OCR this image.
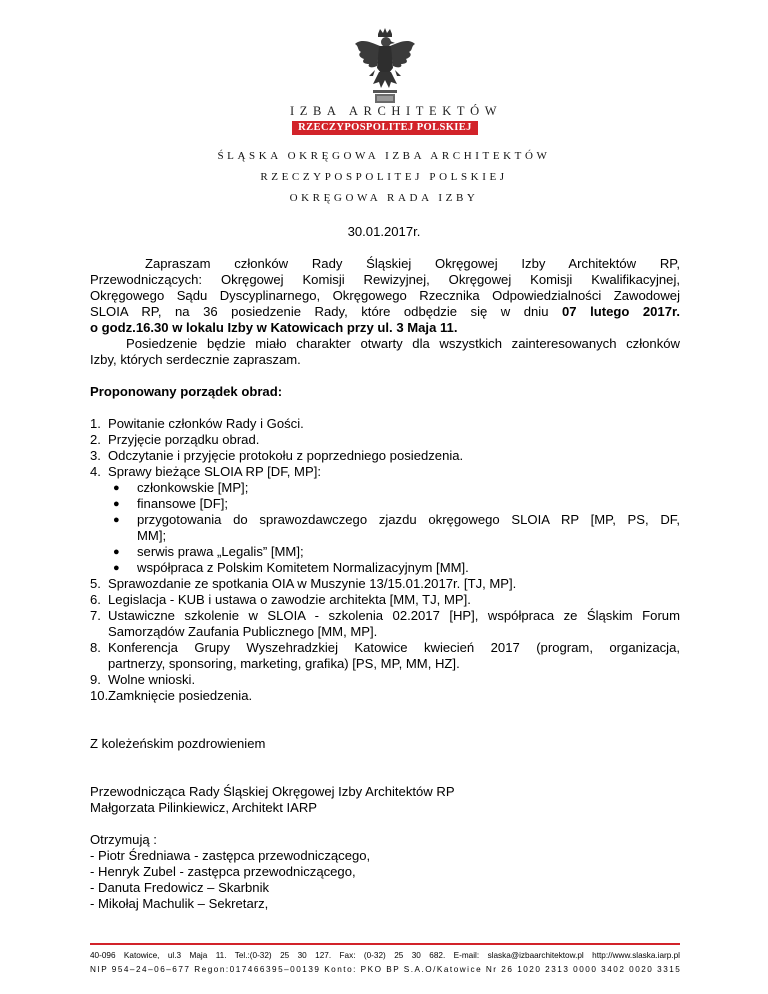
IZBA ARCHITEKTÓW
RZECZYPOSPOLITEJ POLSKIEJ
ŚLĄSKA OKRĘGOWA IZBA ARCHITEKTÓW
RZECZYPOSPOLITEJ POLSKIEJ
OKRĘGOWA RADA IZBY
30.01.2017r.
Zapraszam członków Rady Śląskiej Okręgowej Izby Architektów RP,
Przewodniczących: Okręgowej Komisji Rewizyjnej, Okręgowej Komisji Kwalifikacyjnej,
Okręgowego Sądu Dyscyplinarnego, Okręgowego Rzecznika Odpowiedzialności Zawodowej
SLOIA RP, na 36 posiedzenie Rady, które odbędzie się w dniu 07 lutego 2017r.
o godz.16.30 w lokalu Izby w Katowicach przy ul. 3 Maja 11.
Posiedzenie będzie miało charakter otwarty dla wszystkich zainteresowanych członków
Izby, których serdecznie zapraszam.
Proponowany porządek obrad:
1. Powitanie członków Rady i Gości.
2. Przyjęcie porządku obrad.
3. Odczytanie i przyjęcie protokołu z poprzedniego posiedzenia.
4. Sprawy bieżące SLOIA RP [DF, MP]:
● członkowskie [MP];
● finansowe [DF];
● przygotowania do sprawozdawczego zjazdu okręgowego SLOIA RP [MP, PS, DF,
MM];
● serwis prawa „Legalis” [MM];
● współpraca z Polskim Komitetem Normalizacyjnym [MM].
5. Sprawozdanie ze spotkania OIA w Muszynie 13/15.01.2017r. [TJ, MP].
6. Legislacja - KUB i ustawa o zawodzie architekta [MM, TJ, MP].
7. Ustawiczne szkolenie w SLOIA - szkolenia 02.2017 [HP], współpraca ze Śląskim Forum
Samorządów Zaufania Publicznego [MM, MP].
8. Konferencja Grupy Wyszehradzkiej Katowice kwiecień 2017 (program, organizacja,
partnerzy, sponsoring, marketing, grafika) [PS, MP, MM, HZ].
9. Wolne wnioski.
10. Zamknięcie posiedzenia.
Z koleżeńskim pozdrowieniem
Przewodnicząca Rady Śląskiej Okręgowej Izby Architektów RP
Małgorzata Pilinkiewicz, Architekt IARP
Otrzymują :
- Piotr Średniawa - zastępca przewodniczącego,
- Henryk Zubel - zastępca przewodniczącego,
- Danuta Fredowicz – Skarbnik
- Mikołaj Machulik – Sekretarz,
40-096 Katowice, ul.3 Maja 11. Tel.:(0-32) 25 30 127. Fax: (0-32) 25 30 682. E-mail: slaska@izbaarchitektow.pl http://www.slaska.iarp.pl
NIP 954–24–06–677 Regon:017466395–00139 Konto: PKO BP S.A.O/Katowice Nr 26 1020 2313 0000 3402 0020 3315
